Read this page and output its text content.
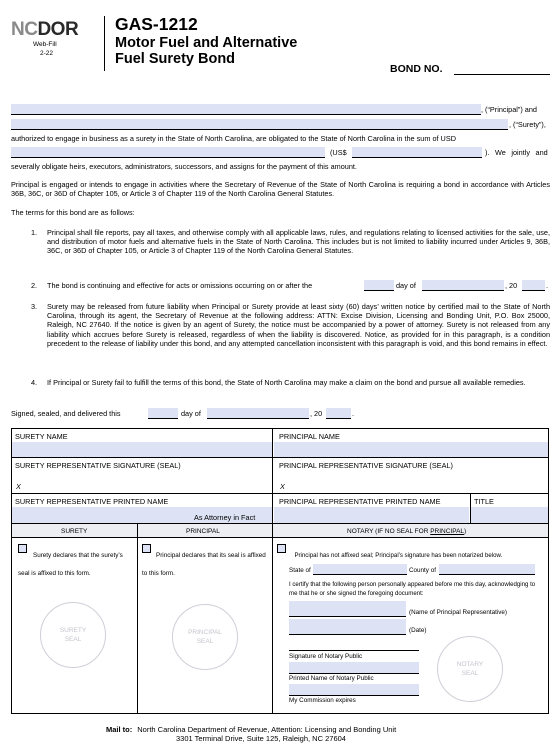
NCDOR
Web-Fill
2-22
GAS-1212
Motor Fuel and Alternative
Fuel Surety Bond
BOND NO.
, (“Principal”) and
, (“Surety”),
authorized to engage in business as a surety in the State of North Carolina, are obligated to the State of North Carolina in the sum of USD
(US$	). We jointly and
severally obligate heirs, executors, administrators, successors, and assigns for the payment of this amount.
Principal is engaged or intends to engage in activities where the Secretary of Revenue of the State of North Carolina is requiring a bond in accordance with Articles 36B, 36C, or 36D of Chapter 105, or Article 3 of Chapter 119 of the North Carolina General Statutes.
The terms for this bond are as follows:
1. Principal shall file reports, pay all taxes, and otherwise comply with all applicable laws, rules, and regulations relating to licensed activities for the sale, use, and distribution of motor fuels and alternative fuels in the State of North Carolina. This includes but is not limited to liability incurred under Articles 9, 36B, 36C, or 36D of Chapter 105, or Article 3 of Chapter 119 of the North Carolina General Statutes.
2. The bond is continuing and effective for acts or omissions occurring on or after the	day of	, 20	.
3. Surety may be released from future liability when Principal or Surety provide at least sixty (60) days’ written notice by certified mail to the State of North Carolina, through its agent, the Secretary of Revenue at the following address: ATTN: Excise Division, Licensing and Bonding Unit, P.O. Box 25000, Raleigh, NC 27640. If the notice is given by an agent of Surety, the notice must be accompanied by a power of attorney. Surety is not released from any liability which accrues before Surety is released, regardless of when the liability is discovered. Notice, as provided for in this paragraph, is a condition precedent to the release of liability under this bond, and any attempted cancellation inconsistent with this paragraph is void, and this bond remains in effect.
4. If Principal or Surety fail to fulfill the terms of this bond, the State of North Carolina may make a claim on the bond and pursue all available remedies.
Signed, sealed, and delivered this	day of	, 20	.
SURETY NAME	PRINCIPAL NAME
SURETY REPRESENTATIVE SIGNATURE (SEAL)
X
PRINCIPAL REPRESENTATIVE SIGNATURE (SEAL)
X
SURETY REPRESENTATIVE PRINTED NAME
As Attorney in Fact
PRINCIPAL REPRESENTATIVE PRINTED NAME	TITLE
SURETY	PRINCIPAL	NOTARY (IF NO SEAL FOR PRINCIPAL)
Surety declares that the surety’s seal is affixed to this form.
SURETY
SEAL
Principal declares that its seal is affixed to this form.
PRINCIPAL
SEAL
Principal has not affixed seal; Principal’s signature has been notarized below.
State of	County of
I certify that the following person personally appeared before me this day, acknowledging to me that he or she signed the foregoing document:
(Name of Principal Representative)
(Date)
Signature of Notary Public
Printed Name of Notary Public
My Commission expires
NOTARY
SEAL
Mail to: North Carolina Department of Revenue, Attention: Licensing and Bonding Unit
3301 Terminal Drive, Suite 125, Raleigh, NC 27604
